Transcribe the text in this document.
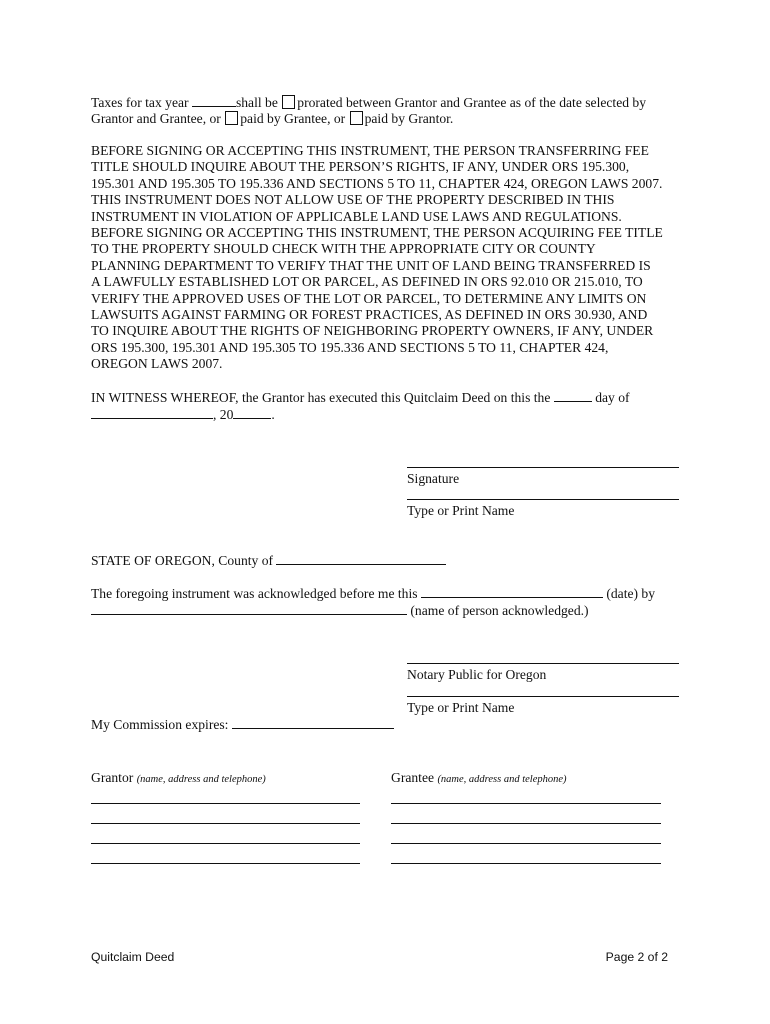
Taxes for tax year	shall be prorated between Grantor and Grantee as of the date selected by
Grantor and Grantee, or paid by Grantee, or paid by Grantor.
BEFORE SIGNING OR ACCEPTING THIS INSTRUMENT, THE PERSON TRANSFERRING FEE
TITLE SHOULD INQUIRE ABOUT THE PERSON’S RIGHTS, IF ANY, UNDER ORS 195.300,
195.301 AND 195.305 TO 195.336 AND SECTIONS 5 TO 11, CHAPTER 424, OREGON LAWS 2007.
THIS INSTRUMENT DOES NOT ALLOW USE OF THE PROPERTY DESCRIBED IN THIS
INSTRUMENT IN VIOLATION OF APPLICABLE LAND USE LAWS AND REGULATIONS.
BEFORE SIGNING OR ACCEPTING THIS INSTRUMENT, THE PERSON ACQUIRING FEE TITLE
TO THE PROPERTY SHOULD CHECK WITH THE APPROPRIATE CITY OR COUNTY
PLANNING DEPARTMENT TO VERIFY THAT THE UNIT OF LAND BEING TRANSFERRED IS
A LAWFULLY ESTABLISHED LOT OR PARCEL, AS DEFINED IN ORS 92.010 OR 215.010, TO
VERIFY THE APPROVED USES OF THE LOT OR PARCEL, TO DETERMINE ANY LIMITS ON
LAWSUITS AGAINST FARMING OR FOREST PRACTICES, AS DEFINED IN ORS 30.930, AND
TO INQUIRE ABOUT THE RIGHTS OF NEIGHBORING PROPERTY OWNERS, IF ANY, UNDER
ORS 195.300, 195.301 AND 195.305 TO 195.336 AND SECTIONS 5 TO 11, CHAPTER 424,
OREGON LAWS 2007.
IN WITNESS WHEREOF, the Grantor has executed this Quitclaim Deed on this the	day of
, 20	.
Signature
Type or Print Name
STATE OF OREGON, County of
The foregoing instrument was acknowledged before me this	(date) by
(name of person acknowledged.)
Notary Public for Oregon
Type or Print Name
My Commission expires:
Grantor (name, address and telephone)	Grantee (name, address and telephone)
Quitclaim Deed	Page 2 of 2
